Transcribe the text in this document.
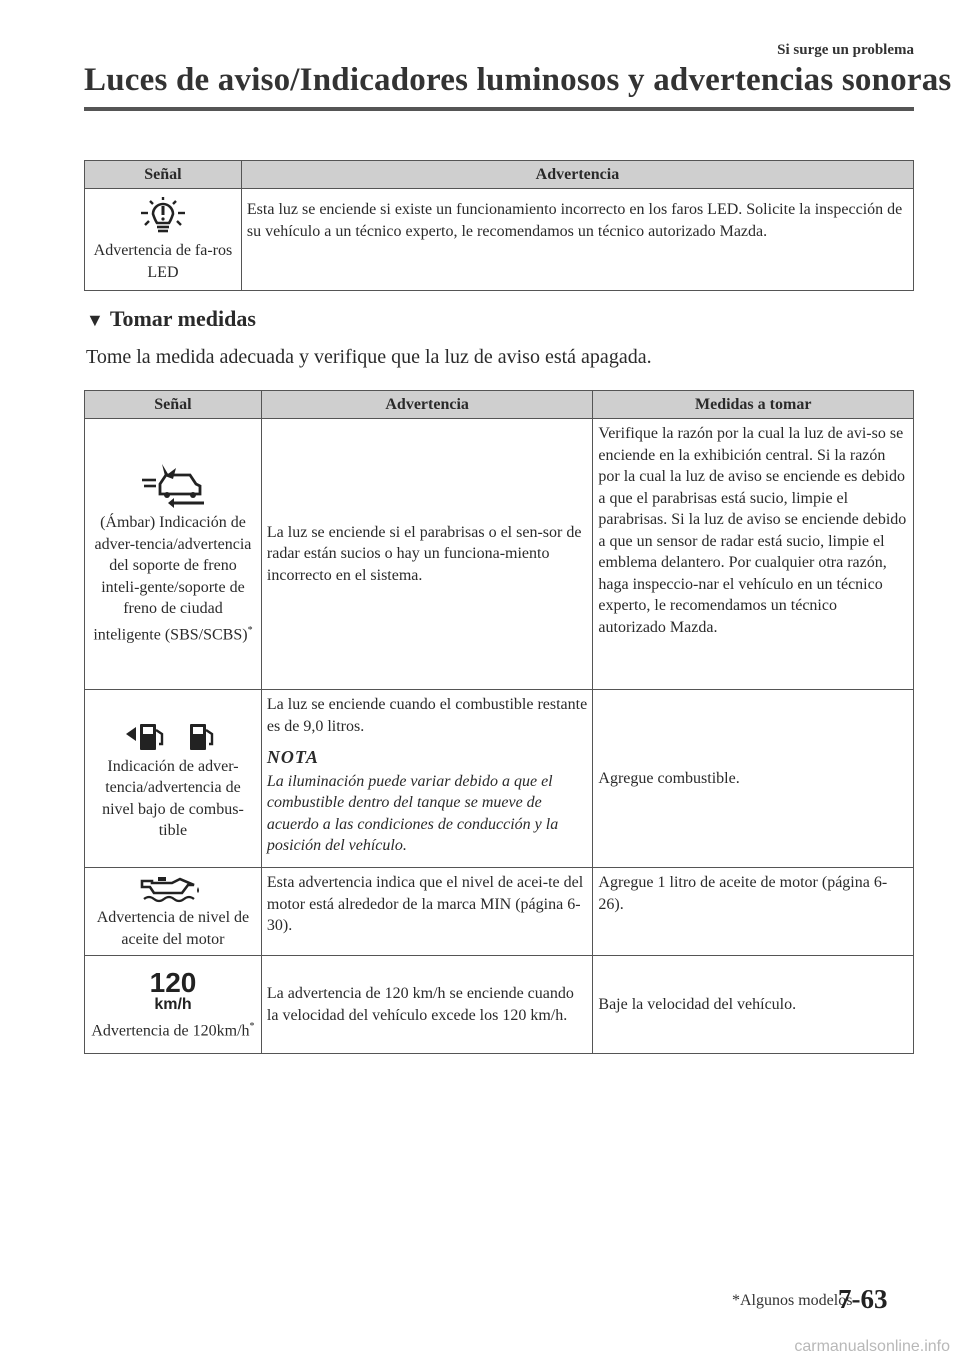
Si surge un problema
Luces de aviso/Indicadores luminosos y advertencias sonoras
Señal	Advertencia

Advertencia de fa-ros LED	Esta luz se enciende si existe un funcionamiento incorrecto en los faros LED. Solicite la inspección de su vehículo a un técnico experto, le recomendamos un técnico autorizado Mazda.
▼ Tomar medidas
Tome la medida adecuada y verifique que la luz de aviso está apagada.
Señal	Advertencia	Medidas a tomar

(Ámbar) Indicación de adver-tencia/advertencia del soporte de freno inteli-gente/soporte de freno de ciudad inteligente (SBS/SCBS)*	La luz se enciende si el parabrisas o el sen-sor de radar están sucios o hay un funciona-miento incorrecto en el sistema.	Verifique la razón por la cual la luz de avi-so se enciende en la exhibición central. Si la razón por la cual la luz de aviso se enciende es debido a que el parabrisas está sucio, limpie el parabrisas. Si la luz de aviso se enciende debido a que un sensor de radar está sucio, limpie el emblema delantero. Por cualquier otra razón, haga inspeccio-nar el vehículo en un técnico experto, le recomendamos un técnico autorizado Mazda.

Indicación de adver-tencia/advertencia de nivel bajo de combus-tible	La luz se enciende cuando el combustible restante es de 9,0 litros.
NOTA
La iluminación puede variar debido a que el combustible dentro del tanque se mueve de acuerdo a las condiciones de conducción y la posición del vehículo.	Agregue combustible.

Advertencia de nivel de aceite del motor	Esta advertencia indica que el nivel de acei-te del motor está alrededor de la marca MIN (página 6-30).	Agregue 1 litro de aceite de motor (página 6-26).

120
km/h
Advertencia de 120km/h*	La advertencia de 120 km/h se enciende cuando la velocidad del vehículo excede los 120 km/h.	Baje la velocidad del vehículo.
*Algunos modelos
7-63
carmanualsonline.info
